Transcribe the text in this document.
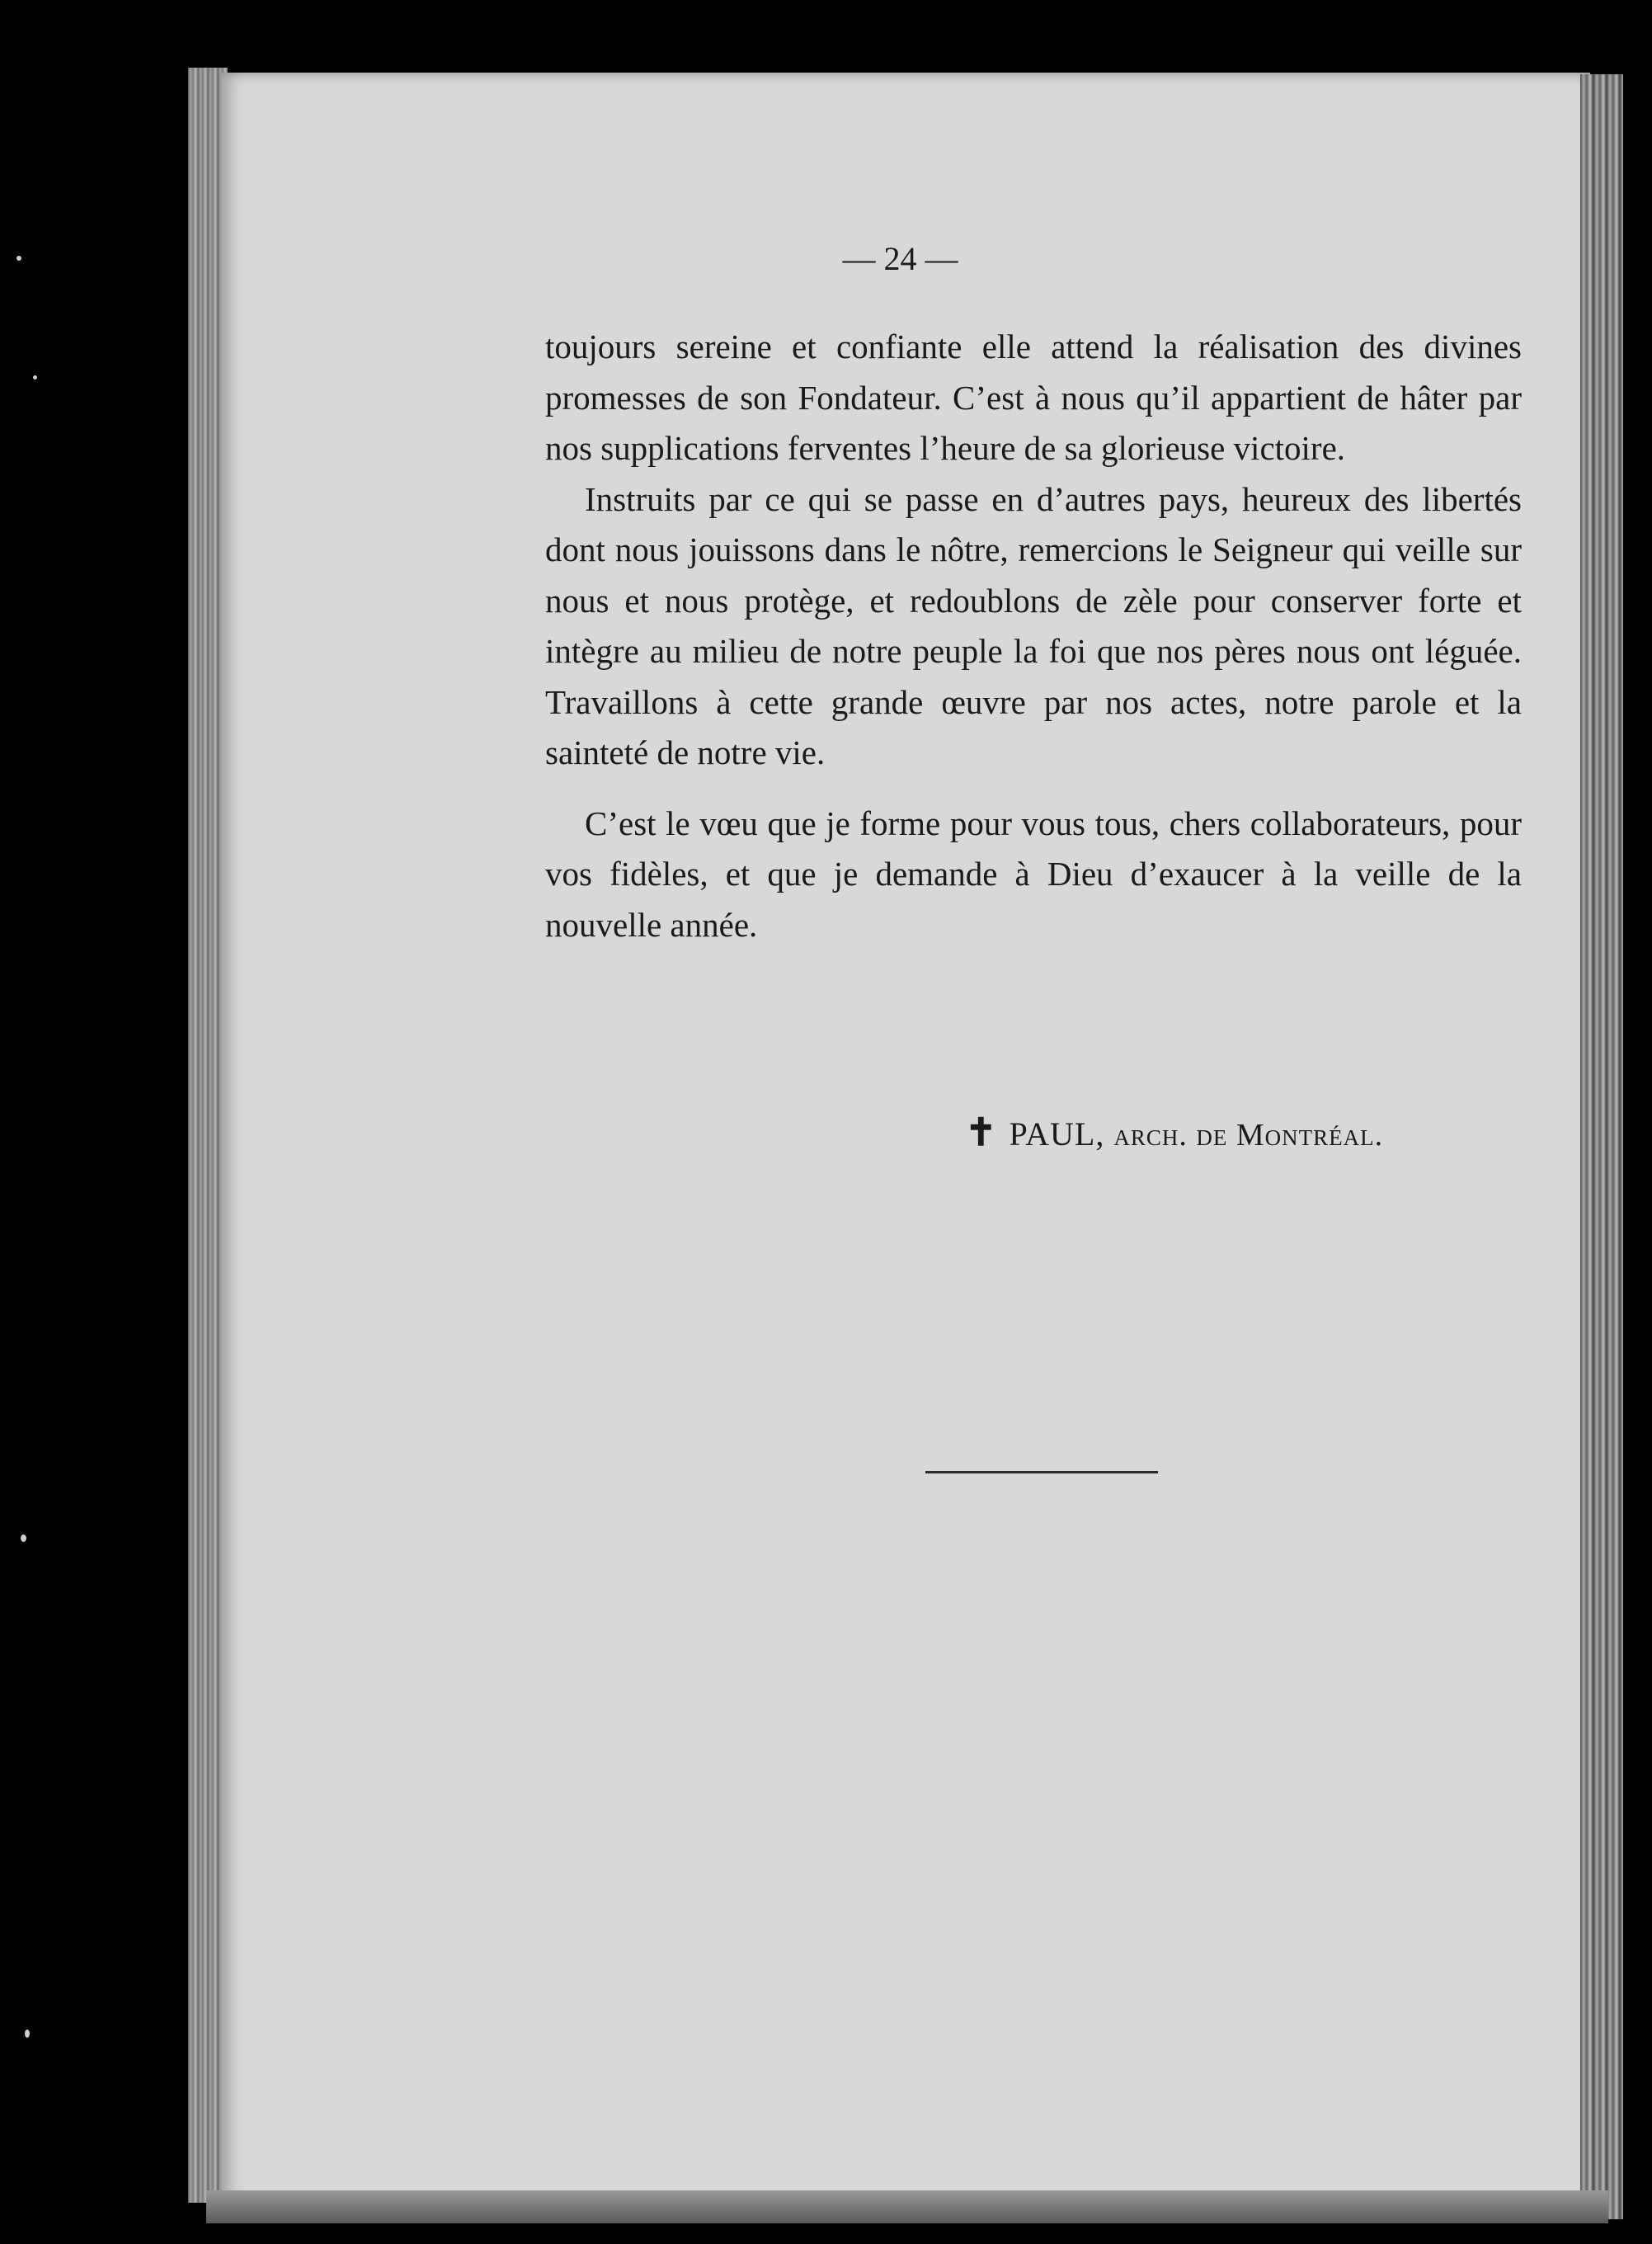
— 24 —

toujours sereine et confiante elle attend la réalisation des divines promesses de son Fondateur. C’est à nous qu’il appartient de hâter par nos supplications ferventes l’heure de sa glorieuse victoire.

Instruits par ce qui se passe en d’autres pays, heureux des libertés dont nous jouissons dans le nôtre, remercions le Seigneur qui veille sur nous et nous protège, et redoublons de zèle pour conserver forte et intègre au milieu de notre peuple la foi que nos pères nous ont léguée. Travaillons à cette grande œuvre par nos actes, notre parole et la sainteté de notre vie.

C’est le vœu que je forme pour vous tous, chers collaborateurs, pour vos fidèles, et que je demande à Dieu d’exaucer à la veille de la nouvelle année.

✝ PAUL, arch. de Montréal.
